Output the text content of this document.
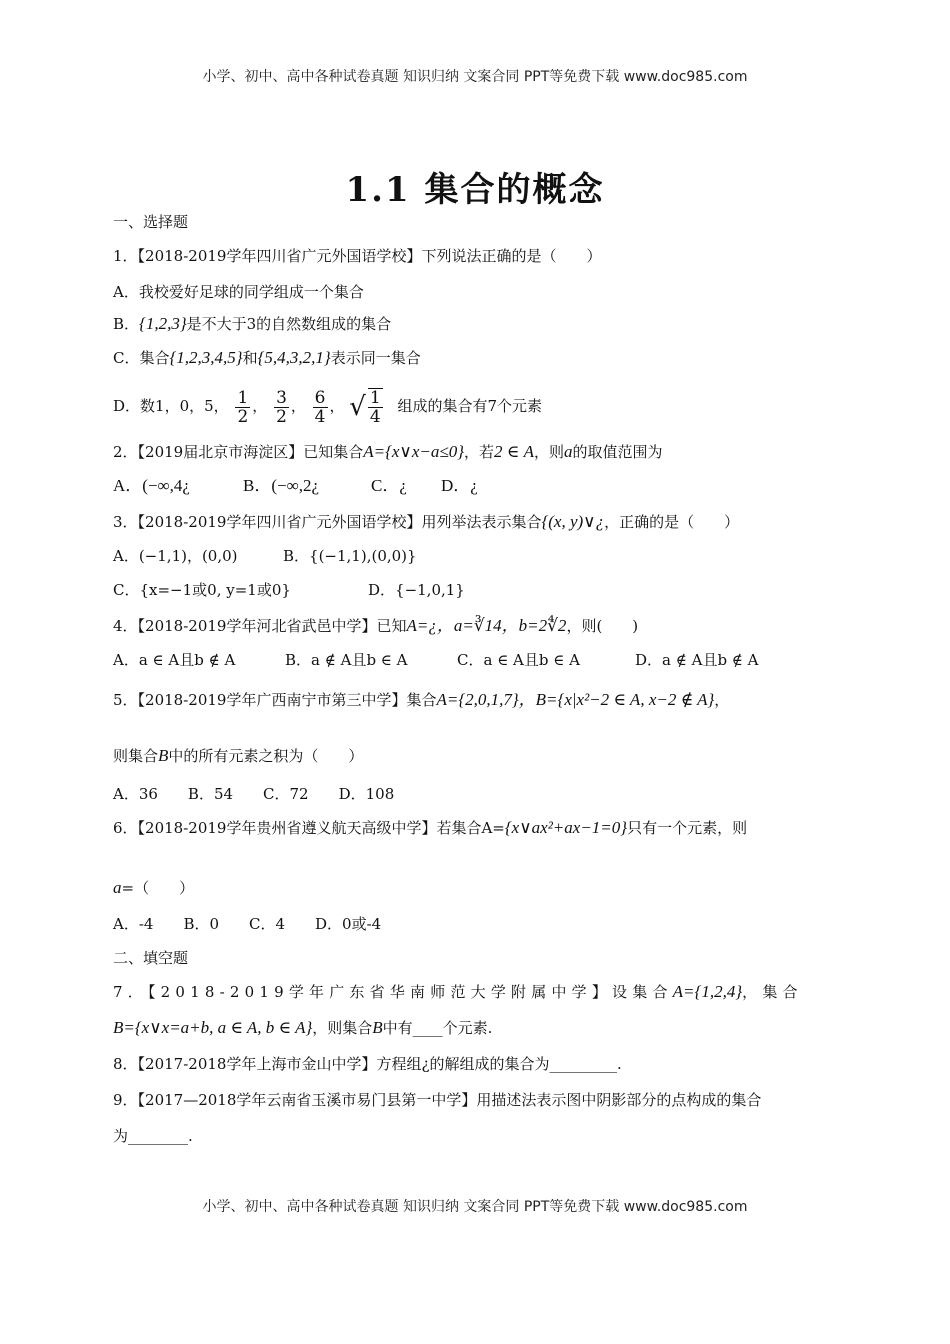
小学、初中、高中各种试卷真题 知识归纳 文案合同 PPT等免费下载 www.doc985.com
1.1 集合的概念
一、选择题
1．【2018-2019学年四川省广元外国语学校】下列说法正确的是（　　）
A．我校爱好足球的同学组成一个集合
B．{1,2,3}是不大于3的自然数组成的集合
C．集合{1,2,3,4,5}和{5,4,3,2,1}表示同一集合
D．数1，0，5， $\frac{1}{2}$ ， $\frac{3}{2}$ ， $\frac{6}{4}$ ， √ $\frac{1}{4}$ 组成的集合有7个元素
2．【2019届北京市海淀区】已知集合A={x∨x−a≤0}，若2 ∈ A，则a的取值范围为
A．(−∞,4¿	B．(−∞,2¿	C．¿ D．¿
3．【2018-2019学年四川省广元外国语学校】用列举法表示集合{(x, y)∨¿，正确的是（　　）
A．(−1,1)，(0,0)	B．{(−1,1),(0,0)}
C．{x=−1或0, y=1或0}	D．{−1,0,1}
4．【2018-2019学年河北省武邑中学】已知A=¿，a=∛14，b=2∜2，则(　　)
A．a ∈ A且b ∉ A	B．a ∉ A且b ∈ A	C．a ∈ A且b ∈ A	D．a ∉ A且b ∉ A
5．【2018-2019学年广西南宁市第三中学】集合A={2,0,1,7}，B={x|x²−2 ∈ A, x−2 ∉ A}，
则集合B中的所有元素之积为（　　）
A．36　　B．54　　C．72　　D．108
6．【2018-2019学年贵州省遵义航天高级中学】若集合A={x∨ax²+ax−1=0}只有一个元素，则
a=（　　）
A．-4　　B．0　　C．4　　D．0或-4
二、填空题
7．【2018-2019学年广东省华南师范大学附属中学】设集合A={1,2,4}，集合
B={x∨x=a+b, a ∈ A, b ∈ A}，则集合B中有____个元素.
8．【2017-2018学年上海市金山中学】方程组¿的解组成的集合为_________.
9．【2017—2018学年云南省玉溪市易门县第一中学】用描述法表示图中阴影部分的点构成的集合
为________.
小学、初中、高中各种试卷真题 知识归纳 文案合同 PPT等免费下载 www.doc985.com
